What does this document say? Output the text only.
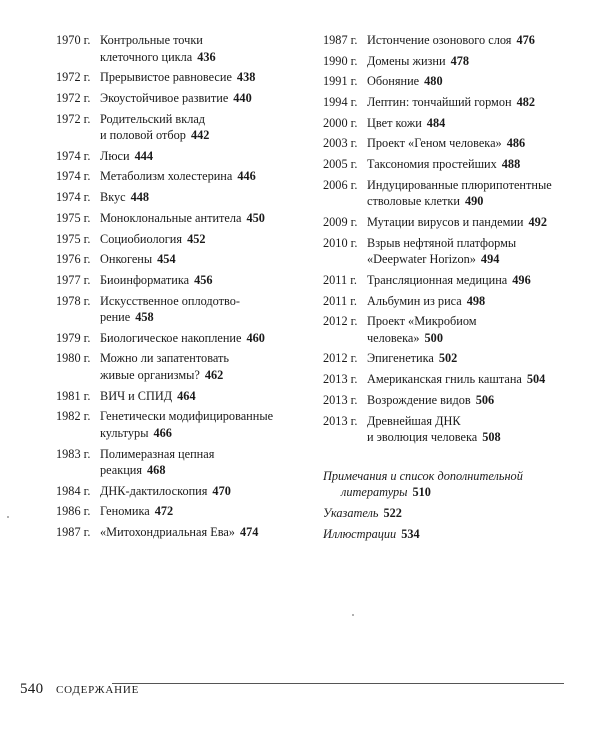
1970 г. Контрольные точки
клеточного цикла 436
1972 г. Прерывистое равновесие 438
1972 г. Экоустойчивое развитие 440
1972 г. Родительский вклад
и половой отбор 442
1974 г. Люси 444
1974 г. Метаболизм холестерина 446
1974 г. Вкус 448
1975 г. Моноклональные антитела 450
1975 г. Социобиология 452
1976 г. Онкогены 454
1977 г. Биоинформатика 456
1978 г. Искусственное оплодотво-
рение 458
1979 г. Биологическое накопление 460
1980 г. Можно ли запатентовать
живые организмы? 462
1981 г. ВИЧ и СПИД 464
1982 г. Генетически модифицированные
культуры 466
1983 г. Полимеразная цепная
реакция 468
1984 г. ДНК-дактилоскопия 470
1986 г. Геномика 472
1987 г. «Митохондриальная Ева» 474
1987 г. Истончение озонового слоя 476
1990 г. Домены жизни 478
1991 г. Обоняние 480
1994 г. Лептин: тончайший гормон 482
2000 г. Цвет кожи 484
2003 г. Проект «Геном человека» 486
2005 г. Таксономия простейших 488
2006 г. Индуцированные плюрипотентные
стволовые клетки 490
2009 г. Мутации вирусов и пандемии 492
2010 г. Взрыв нефтяной платформы
«Deepwater Horizon» 494
2011 г. Трансляционная медицина 496
2011 г. Альбумин из риса 498
2012 г. Проект «Микробиом
человека» 500
2012 г. Эпигенетика 502
2013 г. Американская гниль каштана 504
2013 г. Возрождение видов 506
2013 г. Древнейшая ДНК
и эволюция человека 508
Примечания и список дополнительной
литературы 510
Указатель 522
Иллюстрации 534
540 СОДЕРЖАНИЕ
